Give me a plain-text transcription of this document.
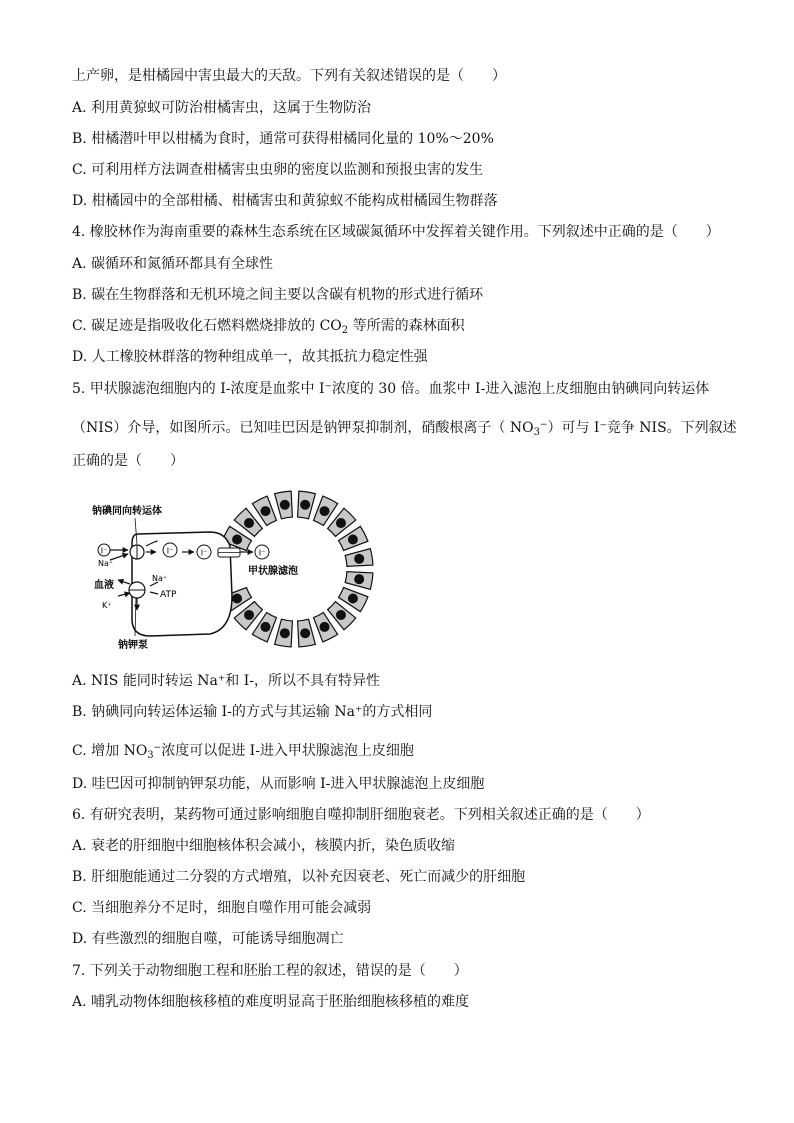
上产卵，是柑橘园中害虫最大的天敌。下列有关叙述错误的是（　　）
A. 利用黄猄蚁可防治柑橘害虫，这属于生物防治
B. 柑橘潜叶甲以柑橘为食时，通常可获得柑橘同化量的 10%～20%
C. 可利用样方法调查柑橘害虫虫卵的密度以监测和预报虫害的发生
D. 柑橘园中的全部柑橘、柑橘害虫和黄猄蚁不能构成柑橘园生物群落
4. 橡胶林作为海南重要的森林生态系统在区域碳氮循环中发挥着关键作用。下列叙述中正确的是（　　）
A. 碳循环和氮循环都具有全球性
B. 碳在生物群落和无机环境之间主要以含碳有机物的形式进行循环
C. 碳足迹是指吸收化石燃料燃烧排放的 $CO_2$ 等所需的森林面积
D. 人工橡胶林群落的物种组成单一，故其抵抗力稳定性强
5. 甲状腺滤泡细胞内的 I-浓度是血浆中 I⁻浓度的 30 倍。血浆中 I-进入滤泡上皮细胞由钠碘同向转运体
（NIS）介导，如图所示。已知哇巴因是钠钾泵抑制剂，硝酸根离子（ $NO_3^-$）可与 I⁻竞争 NIS。下列叙述
正确的是（　　）
I⁻	I⁻	I⁻	I⁻
钠碘同向转运体
Na⁺
血液
Na⁺
ATP
K⁺
钠钾泵
甲状腺滤泡
A. NIS 能同时转运 Na⁺和 I-，所以不具有特异性
B. 钠碘同向转运体运输 I-的方式与其运输 Na⁺的方式相同
C. 增加 $NO_3^-$浓度可以促进 I-进入甲状腺滤泡上皮细胞
D. 哇巴因可抑制钠钾泵功能，从而影响 I-进入甲状腺滤泡上皮细胞
6. 有研究表明，某药物可通过影响细胞自噬抑制肝细胞衰老。下列相关叙述正确的是（　　）
A. 衰老的肝细胞中细胞核体积会减小，核膜内折，染色质收缩
B. 肝细胞能通过二分裂的方式增殖，以补充因衰老、死亡而减少的肝细胞
C. 当细胞养分不足时，细胞自噬作用可能会减弱
D. 有些激烈的细胞自噬，可能诱导细胞凋亡
7. 下列关于动物细胞工程和胚胎工程的叙述，错误的是（　　）
A. 哺乳动物体细胞核移植的难度明显高于胚胎细胞核移植的难度
